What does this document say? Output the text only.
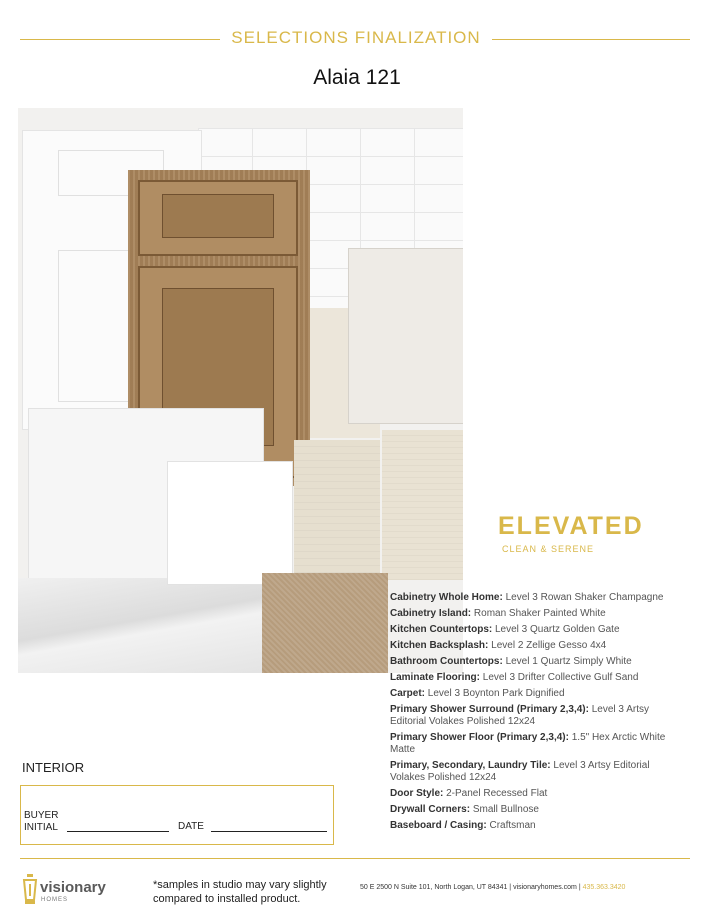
SELECTIONS FINALIZATION
Alaia 121
ELEVATED
CLEAN & SERENE
Cabinetry Whole Home: Level 3 Rowan Shaker Champagne
Cabinetry Island: Roman Shaker Painted White
Kitchen Countertops: Level 3 Quartz Golden Gate
Kitchen Backsplash: Level 2 Zellige Gesso 4x4
Bathroom Countertops: Level 1 Quartz Simply White
Laminate Flooring: Level 3 Drifter Collective Gulf Sand
Carpet: Level 3 Boynton Park Dignified
Primary Shower Surround (Primary 2,3,4): Level 3 Artsy Editorial Volakes Polished 12x24
Primary Shower Floor (Primary 2,3,4): 1.5" Hex Arctic White Matte
Primary, Secondary, Laundry Tile: Level 3 Artsy Editorial Volakes Polished 12x24
Door Style: 2-Panel Recessed Flat
Drywall Corners: Small Bullnose
Baseboard / Casing: Craftsman
INTERIOR
BUYER
INITIAL	DATE
visionary
HOMES
*samples in studio may vary slightly
compared to installed product.
50 E 2500 N Suite 101, North Logan, UT 84341 | visionaryhomes.com | 435.363.3420
